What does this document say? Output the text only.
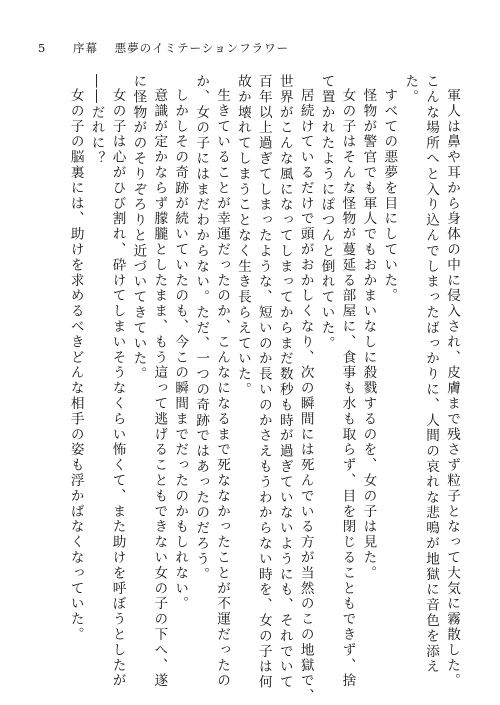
5 序幕 悪夢のイミテーションフラワー

軍人は鼻や耳から身体の中に侵入され、皮膚まで残さず粒子となって大気に霧散した。

こんな場所へと入り込んでしまったばっかりに、人間の哀れな悲鳴が地獄に音色を添え

た。

すべての悪夢を目にしていた。

怪物が警官でも軍人でもおかまいなしに殺戮するのを、女の子は見た。

女の子はそんな怪物が蔓延る部屋に、食事も水も取らず、目を閉じることもできず、捨

て置かれたようにぽつんと倒れていた。

居続けているだけで頭がおかしくなり、次の瞬間には死んでいる方が当然のこの地獄で、

世界がこんな風になってしまってからまだ数秒も時が過ぎていないようにも、それでいて

百年以上過ぎてしまったような、短いのか長いのかさえもうわからない時を、女の子は何

故か壊れてしまうことなく生き長らえていた。

生きていることが幸運だったのか、こんなになるまで死ななかったことが不運だったの

か、女の子にはまだわからない。ただ、一つの奇跡ではあったのだろう。

しかしその奇跡が続いていたのも、今この瞬間までだったのかもしれない。

意識が定かならず朦朧としたまま、もう這って逃げることもできない女の子の下へ、遂

に怪物がのそりぞろりと近づいてきていた。

女の子は心がひび割れ、砕けてしまいそうなくらい怖くて、また助けを呼ぼうとしたが

――だれに？

女の子の脳裏には、助けを求めるべきどんな相手の姿も浮かばなくなっていた。
